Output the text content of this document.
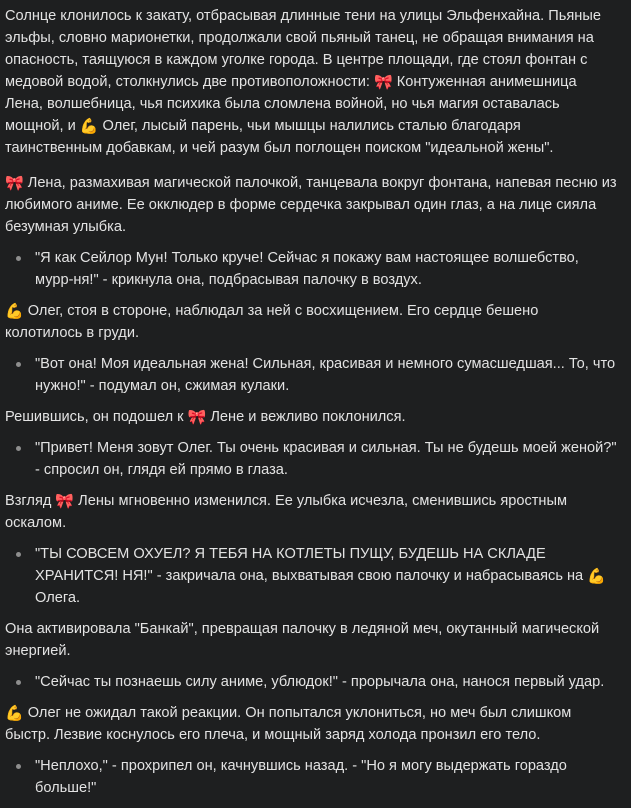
Солнце клонилось к закату, отбрасывая длинные тени на улицы Эльфенхайна. Пьяные эльфы, словно марионетки, продолжали свой пьяный танец, не обращая внимания на опасность, таящуюся в каждом уголке города. В центре площади, где стоял фонтан с медовой водой, столкнулись две противоположности: 🎀 Контуженная анимешница Лена, волшебница, чья психика была сломлена войной, но чья магия оставалась мощной, и 💪 Олег, лысый парень, чьи мышцы налились сталью благодаря таинственным добавкам, и чей разум был поглощен поиском "идеальной жены".

🎀 Лена, размахивая магической палочкой, танцевала вокруг фонтана, напевая песню из любимого аниме. Ее окклюдер в форме сердечка закрывал один глаз, а на лице сияла безумная улыбка.

"Я как Сейлор Мун! Только круче! Сейчас я покажу вам настоящее волшебство, мурр-ня!" - крикнула она, подбрасывая палочку в воздух.

💪 Олег, стоя в стороне, наблюдал за ней с восхищением. Его сердце бешено колотилось в груди.

"Вот она! Моя идеальная жена! Сильная, красивая и немного сумасшедшая... То, что нужно!" - подумал он, сжимая кулаки.

Решившись, он подошел к 🎀 Лене и вежливо поклонился.

"Привет! Меня зовут Олег. Ты очень красивая и сильная. Ты не будешь моей женой?" - спросил он, глядя ей прямо в глаза.

Взгляд 🎀 Лены мгновенно изменился. Ее улыбка исчезла, сменившись яростным оскалом.

"ТЫ СОВСЕМ ОХУЕЛ? Я ТЕБЯ НА КОТЛЕТЫ ПУЩУ, БУДЕШЬ НА СКЛАДЕ ХРАНИТСЯ! НЯ!" - закричала она, выхватывая свою палочку и набрасываясь на 💪 Олега.

Она активировала "Банкай", превращая палочку в ледяной меч, окутанный магической энергией.

"Сейчас ты познаешь силу аниме, ублюдок!" - прорычала она, нанося первый удар.

💪 Олег не ожидал такой реакции. Он попытался уклониться, но меч был слишком быстр. Лезвие коснулось его плеча, и мощный заряд холода пронзил его тело.

"Неплохо," - прохрипел он, качнувшись назад. - "Но я могу выдержать гораздо больше!"
